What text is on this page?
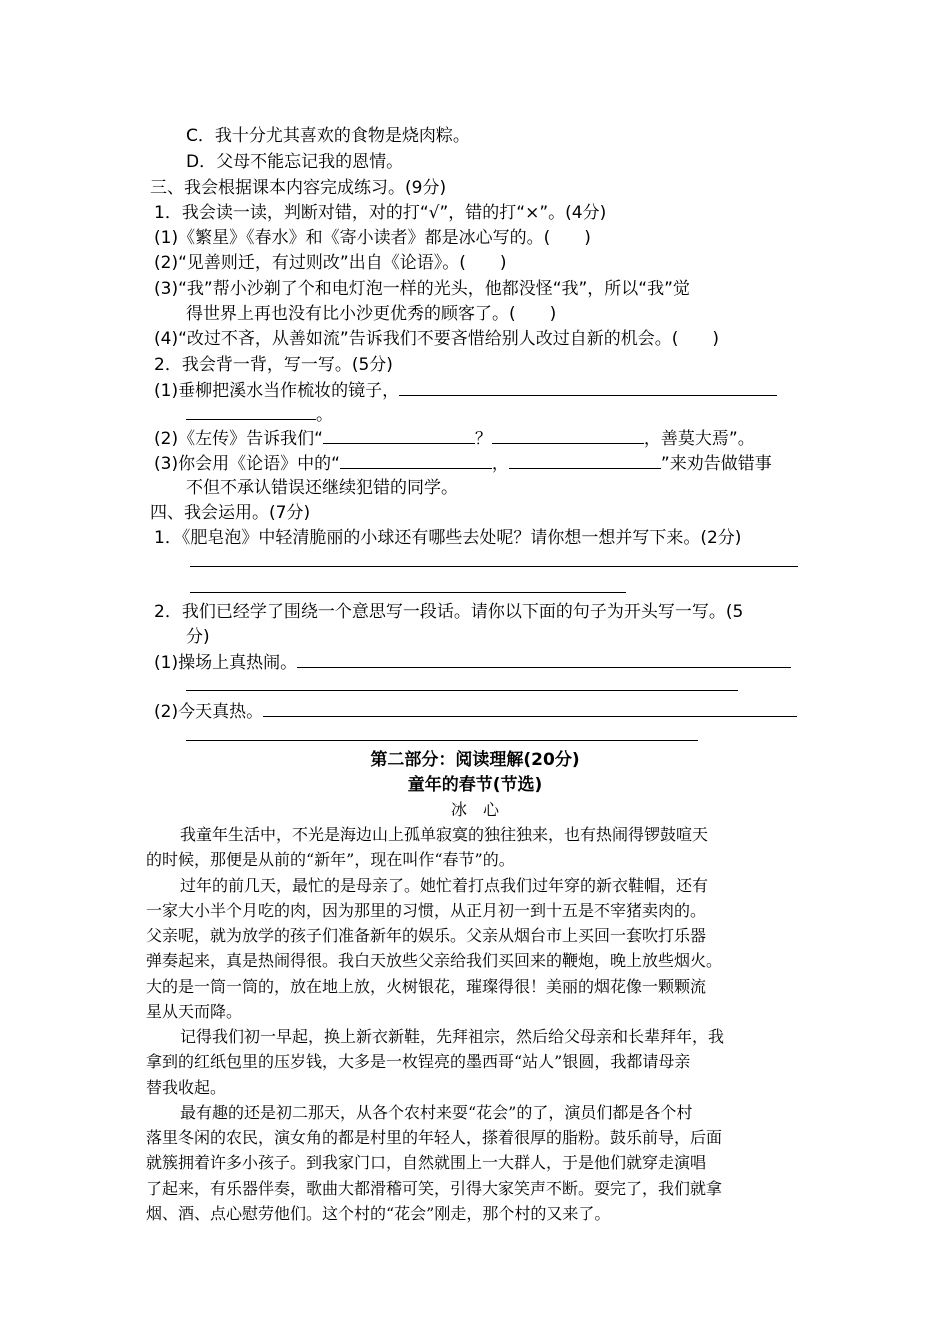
C．我十分尤其喜欢的食物是烧肉粽。
D．父母不能忘记我的恩情。
三、我会根据课本内容完成练习。(9分)
1．我会读一读，判断对错，对的打“√”，错的打“×”。(4分)
(1)《繁星》《春水》和《寄小读者》都是冰心写的。(　　)
(2)“见善则迁，有过则改”出自《论语》。(　　)
(3)“我”帮小沙剃了个和电灯泡一样的光头，他都没怪“我”，所以“我”觉
得世界上再也没有比小沙更优秀的顾客了。(　　)
(4)“改过不吝，从善如流”告诉我们不要吝惜给别人改过自新的机会。(　　)
2．我会背一背，写一写。(5分)
(1)垂柳把溪水当作梳妆的镜子，
。
(2)《左传》告诉我们“	？	，善莫大焉”。
(3)你会用《论语》中的“	，	”来劝告做错事
不但不承认错误还继续犯错的同学。
四、我会运用。(7分)
1．《肥皂泡》中轻清脆丽的小球还有哪些去处呢？请你想一想并写下来。(2分)
2．我们已经学了围绕一个意思写一段话。请你以下面的句子为开头写一写。(5
分)
(1)操场上真热闹。
(2)今天真热。
第二部分：阅读理解(20分)
童年的春节(节选)
冰　心
我童年生活中，不光是海边山上孤单寂寞的独往独来，也有热闹得锣鼓喧天
的时候，那便是从前的“新年”，现在叫作“春节”的。
过年的前几天，最忙的是母亲了。她忙着打点我们过年穿的新衣鞋帽，还有
一家大小半个月吃的肉，因为那里的习惯，从正月初一到十五是不宰猪卖肉的。
父亲呢，就为放学的孩子们准备新年的娱乐。父亲从烟台市上买回一套吹打乐器
弹奏起来，真是热闹得很。我白天放些父亲给我们买回来的鞭炮，晚上放些烟火。
大的是一筒一筒的，放在地上放，火树银花，璀璨得很！美丽的烟花像一颗颗流
星从天而降。
记得我们初一早起，换上新衣新鞋，先拜祖宗，然后给父母亲和长辈拜年，我
拿到的红纸包里的压岁钱，大多是一枚锃亮的墨西哥“站人”银圆，我都请母亲
替我收起。
最有趣的还是初二那天，从各个农村来耍“花会”的了，演员们都是各个村
落里冬闲的农民，演女角的都是村里的年轻人，搽着很厚的脂粉。鼓乐前导，后面
就簇拥着许多小孩子。到我家门口，自然就围上一大群人，于是他们就穿走演唱
了起来，有乐器伴奏，歌曲大都滑稽可笑，引得大家笑声不断。耍完了，我们就拿
烟、酒、点心慰劳他们。这个村的“花会”刚走，那个村的又来了。
